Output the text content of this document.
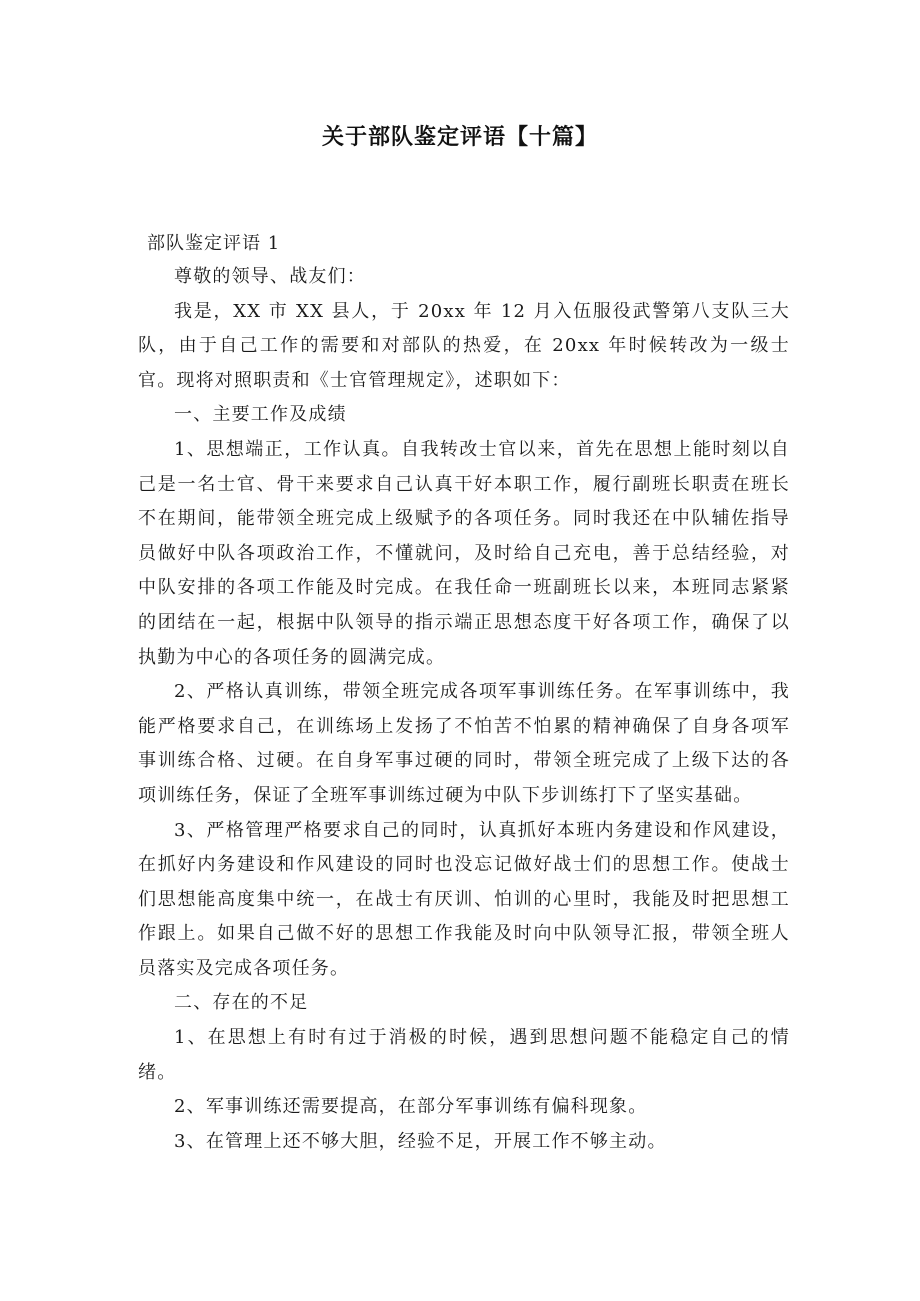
关于部队鉴定评语【十篇】
部队鉴定评语 1

尊敬的领导、战友们：

我是，XX 市 XX 县人，于 20xx 年 12 月入伍服役武警第八支队三大队，由于自己工作的需要和对部队的热爱，在 20xx 年时候转改为一级士官。现将对照职责和《士官管理规定》，述职如下：

一、主要工作及成绩

1、思想端正，工作认真。自我转改士官以来，首先在思想上能时刻以自己是一名士官、骨干来要求自己认真干好本职工作，履行副班长职责在班长不在期间，能带领全班完成上级赋予的各项任务。同时我还在中队辅佐指导员做好中队各项政治工作，不懂就问，及时给自己充电，善于总结经验，对中队安排的各项工作能及时完成。在我任命一班副班长以来，本班同志紧紧的团结在一起，根据中队领导的指示端正思想态度干好各项工作，确保了以执勤为中心的各项任务的圆满完成。

2、严格认真训练，带领全班完成各项军事训练任务。在军事训练中，我能严格要求自己，在训练场上发扬了不怕苦不怕累的精神确保了自身各项军事训练合格、过硬。在自身军事过硬的同时，带领全班完成了上级下达的各项训练任务，保证了全班军事训练过硬为中队下步训练打下了坚实基础。

3、严格管理严格要求自己的同时，认真抓好本班内务建设和作风建设，在抓好内务建设和作风建设的同时也没忘记做好战士们的思想工作。使战士们思想能高度集中统一，在战士有厌训、怕训的心里时，我能及时把思想工作跟上。如果自己做不好的思想工作我能及时向中队领导汇报，带领全班人员落实及完成各项任务。

二、存在的不足

1、在思想上有时有过于消极的时候，遇到思想问题不能稳定自己的情绪。

2、军事训练还需要提高，在部分军事训练有偏科现象。

3、在管理上还不够大胆，经验不足，开展工作不够主动。
